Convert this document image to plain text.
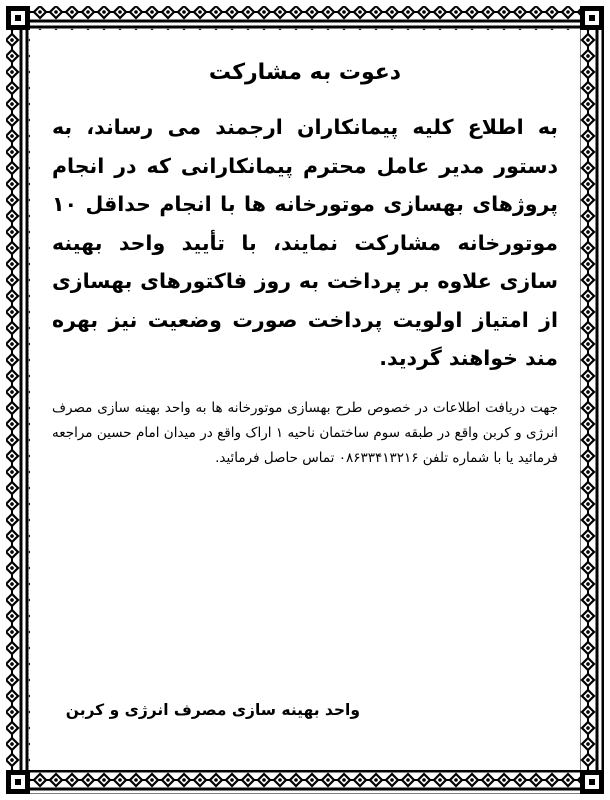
دعوت به مشارکت

به اطلاع کلیه پیمانکاران ارجمند می رساند، به دستور مدیر عامل محترم پیمانکارانی که در انجام پروژهای بهسازی موتورخانه ها با انجام حداقل ۱۰ موتورخانه مشارکت نمایند، با تأیید واحد بهینه سازی علاوه بر پرداخت به روز فاکتورهای بهسازی از امتیاز اولویت پرداخت صورت وضعیت نیز بهره مند خواهند گردید.

جهت دریافت اطلاعات در خصوص طرح بهسازی موتورخانه ها به واحد بهینه سازی مصرف انرژی و کربن واقع در طبقه سوم ساختمان ناحیه ۱ اراک واقع در میدان امام حسین مراجعه فرمائید یا با شماره تلفن ۰۸۶۳۳۴۱۳۲۱۶ تماس حاصل فرمائید.

واحد بهینه سازی مصرف انرژی و کربن
